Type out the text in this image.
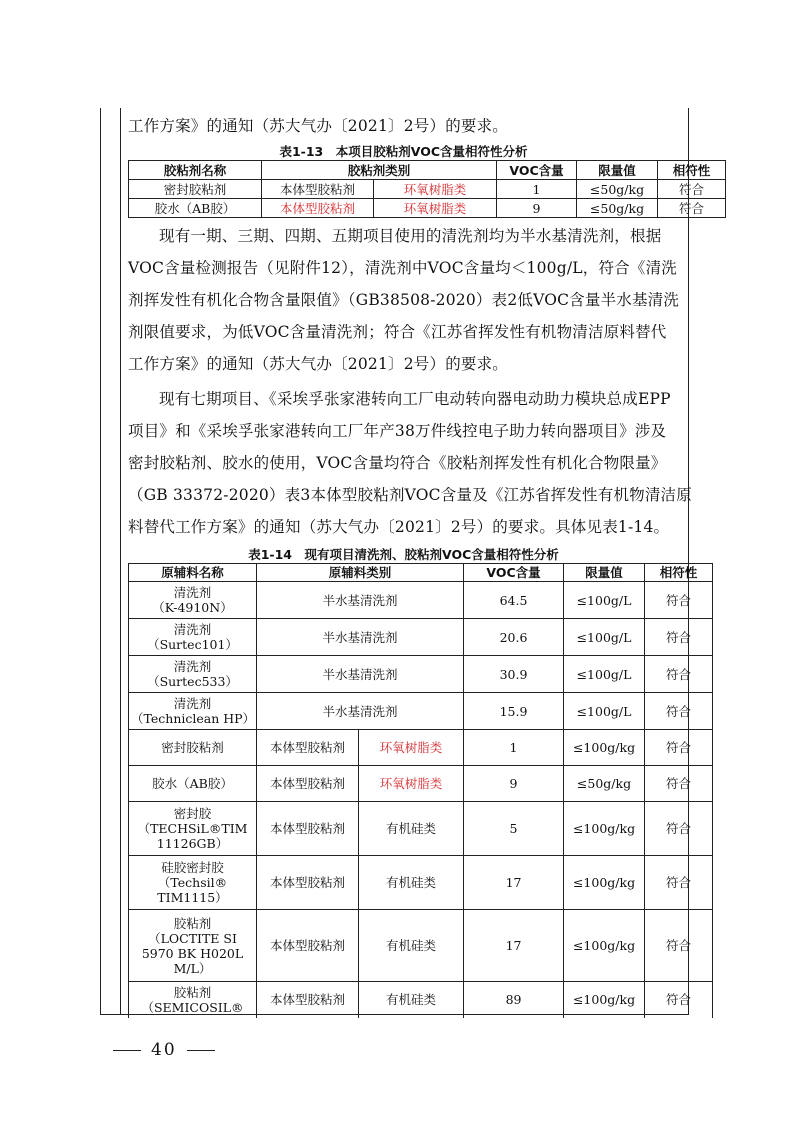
工作方案》的通知（苏大气办〔2021〕2号）的要求。

表1-13　本项目胶粘剂VOC含量相符性分析
胶粘剂名称	胶粘剂类别		VOC含量	限量值	相符性
密封胶粘剂	本体型胶粘剂	环氧树脂类	1	≤50g/kg	符合
胶水（AB胶）	本体型胶粘剂	环氧树脂类	9	≤50g/kg	符合

现有一期、三期、四期、五期项目使用的清洗剂均为半水基清洗剂，根据

VOC含量检测报告（见附件12），清洗剂中VOC含量均＜100g/L，符合《清洗

剂挥发性有机化合物含量限值》（GB38508-2020）表2低VOC含量半水基清洗

剂限值要求，为低VOC含量清洗剂；符合《江苏省挥发性有机物清洁原料替代

工作方案》的通知（苏大气办〔2021〕2号）的要求。

现有七期项目、《采埃孚张家港转向工厂电动转向器电动助力模块总成EPP

项目》和《采埃孚张家港转向工厂年产38万件线控电子助力转向器项目》涉及

密封胶粘剂、胶水的使用，VOC含量均符合《胶粘剂挥发性有机化合物限量》

（GB 33372-2020）表3本体型胶粘剂VOC含量及《江苏省挥发性有机物清洁原

料替代工作方案》的通知（苏大气办〔2021〕2号）的要求。具体见表1-14。

表1-14　现有项目清洗剂、胶粘剂VOC含量相符性分析
原辅料名称	原辅料类别		VOC含量	限量值	相符性
清洗剂
（K-4910N）	半水基清洗剂		64.5	≤100g/L	符合
清洗剂
（Surtec101）	半水基清洗剂		20.6	≤100g/L	符合
清洗剂
（Surtec533）	半水基清洗剂		30.9	≤100g/L	符合
清洗剂
（Techniclean HP）	半水基清洗剂		15.9	≤100g/L	符合
密封胶粘剂	本体型胶粘剂	环氧树脂类	1	≤100g/kg	符合
胶水（AB胶）	本体型胶粘剂	环氧树脂类	9	≤50g/kg	符合
密封胶
（TECHSiL®TIM
11126GB）	本体型胶粘剂	有机硅类	5	≤100g/kg	符合
硅胶密封胶
（Techsil®
TIM1115）	本体型胶粘剂	有机硅类	17	≤100g/kg	符合
胶粘剂
（LOCTITE SI
5970 BK H020L
M/L）	本体型胶粘剂	有机硅类	17	≤100g/kg	符合
胶粘剂
（SEMICOSIL®	本体型胶粘剂	有机硅类	89	≤100g/kg	符合
40
